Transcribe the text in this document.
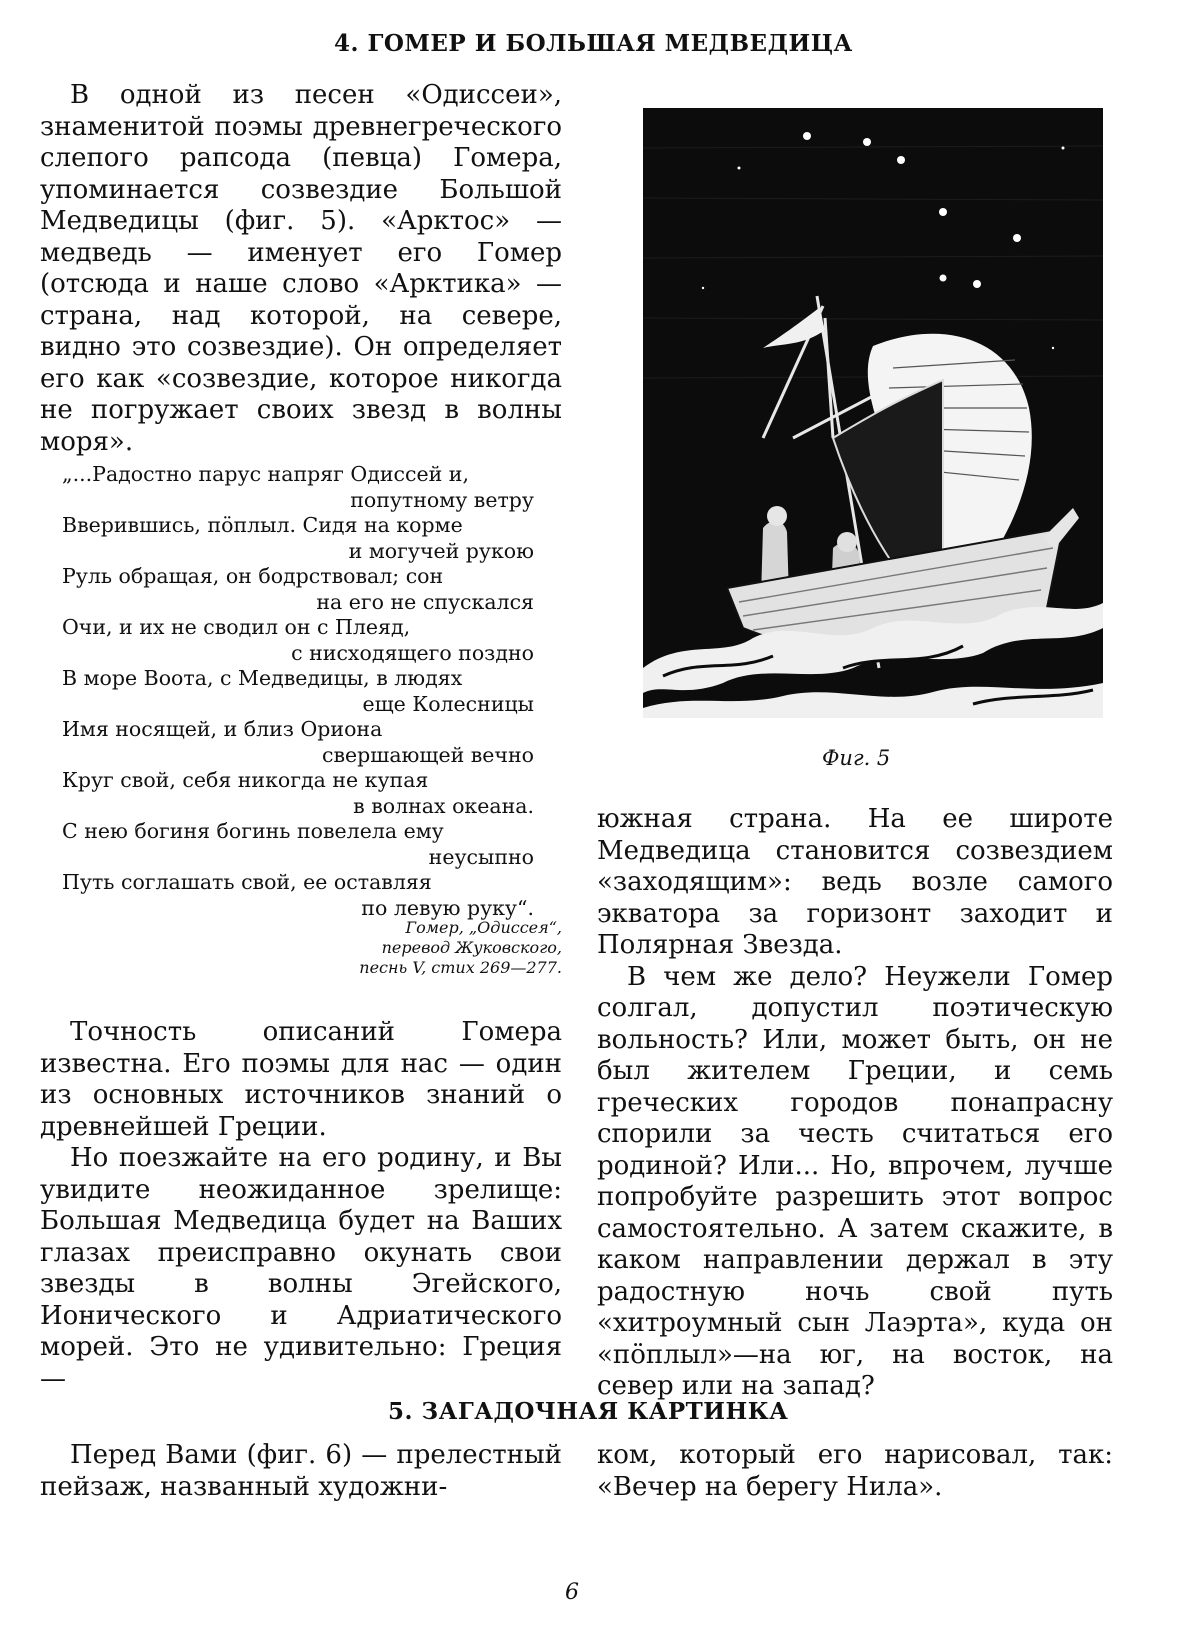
4. ГОМЕР И БОЛЬШАЯ МЕДВЕДИЦА

В одной из песен «Одиссеи», знаменитой поэмы древнегреческого слепого рапсода (певца) Гомера, упоминается созвездие Большой Медведицы (фиг. 5). «Арктос» — медведь — именует его Гомер (отсюда и наше слово «Арктика» — страна, над которой, на севере, видно это созвездие). Он определяет его как «созвездие, которое никогда не погружает своих звезд в волны моря».

„...Радостно парус напряг Одиссей и,
попутному ветру
Вверившись, пöплыл. Сидя на корме
и могучей рукою
Руль обращая, он бодрствовал; сон
на его не спускался
Очи, и их не сводил он с Плеяд,
с нисходящего поздно
В море Воота, с Медведицы, в людях
еще Колесницы
Имя носящей, и близ Ориона
свершающей вечно
Круг свой, себя никогда не купая
в волнах океана.
С нею богиня богинь повелела ему
неусыпно
Путь соглашать свой, ее оставляя
по левую руку“.
Гомер, „Одиссея“,
перевод Жуковского,
песнь V, стих 269—277.

Точность описаний Гомера известна. Его поэмы для нас — один из основных источников знаний о древнейшей Греции.

Но поезжайте на его родину, и Вы увидите неожиданное зрелище: Большая Медведица будет на Ваших глазах преисправно окунать свои звезды в волны Эгейского, Ионического и Адриатического морей. Это не удивительно: Греция —

Фиг. 5

южная страна. На ее широте Медведица становится созвездием «заходящим»: ведь возле самого экватора за горизонт заходит и Полярная Звезда.

В чем же дело? Неужели Гомер солгал, допустил поэтическую вольность? Или, может быть, он не был жителем Греции, и семь греческих городов понапрасну спорили за честь считаться его родиной? Или... Но, впрочем, лучше попробуйте разрешить этот вопрос самостоятельно. А затем скажите, в каком направлении держал в эту радостную ночь свой путь «хитроумный сын Лаэрта», куда он «пöплыл»—на юг, на восток, на север или на запад?

5. ЗАГАДОЧНАЯ КАРТИНКА

Перед Вами (фиг. 6) — прелестный пейзаж, названный художни-

ком, который его нарисовал, так: «Вечер на берегу Нила».

6
